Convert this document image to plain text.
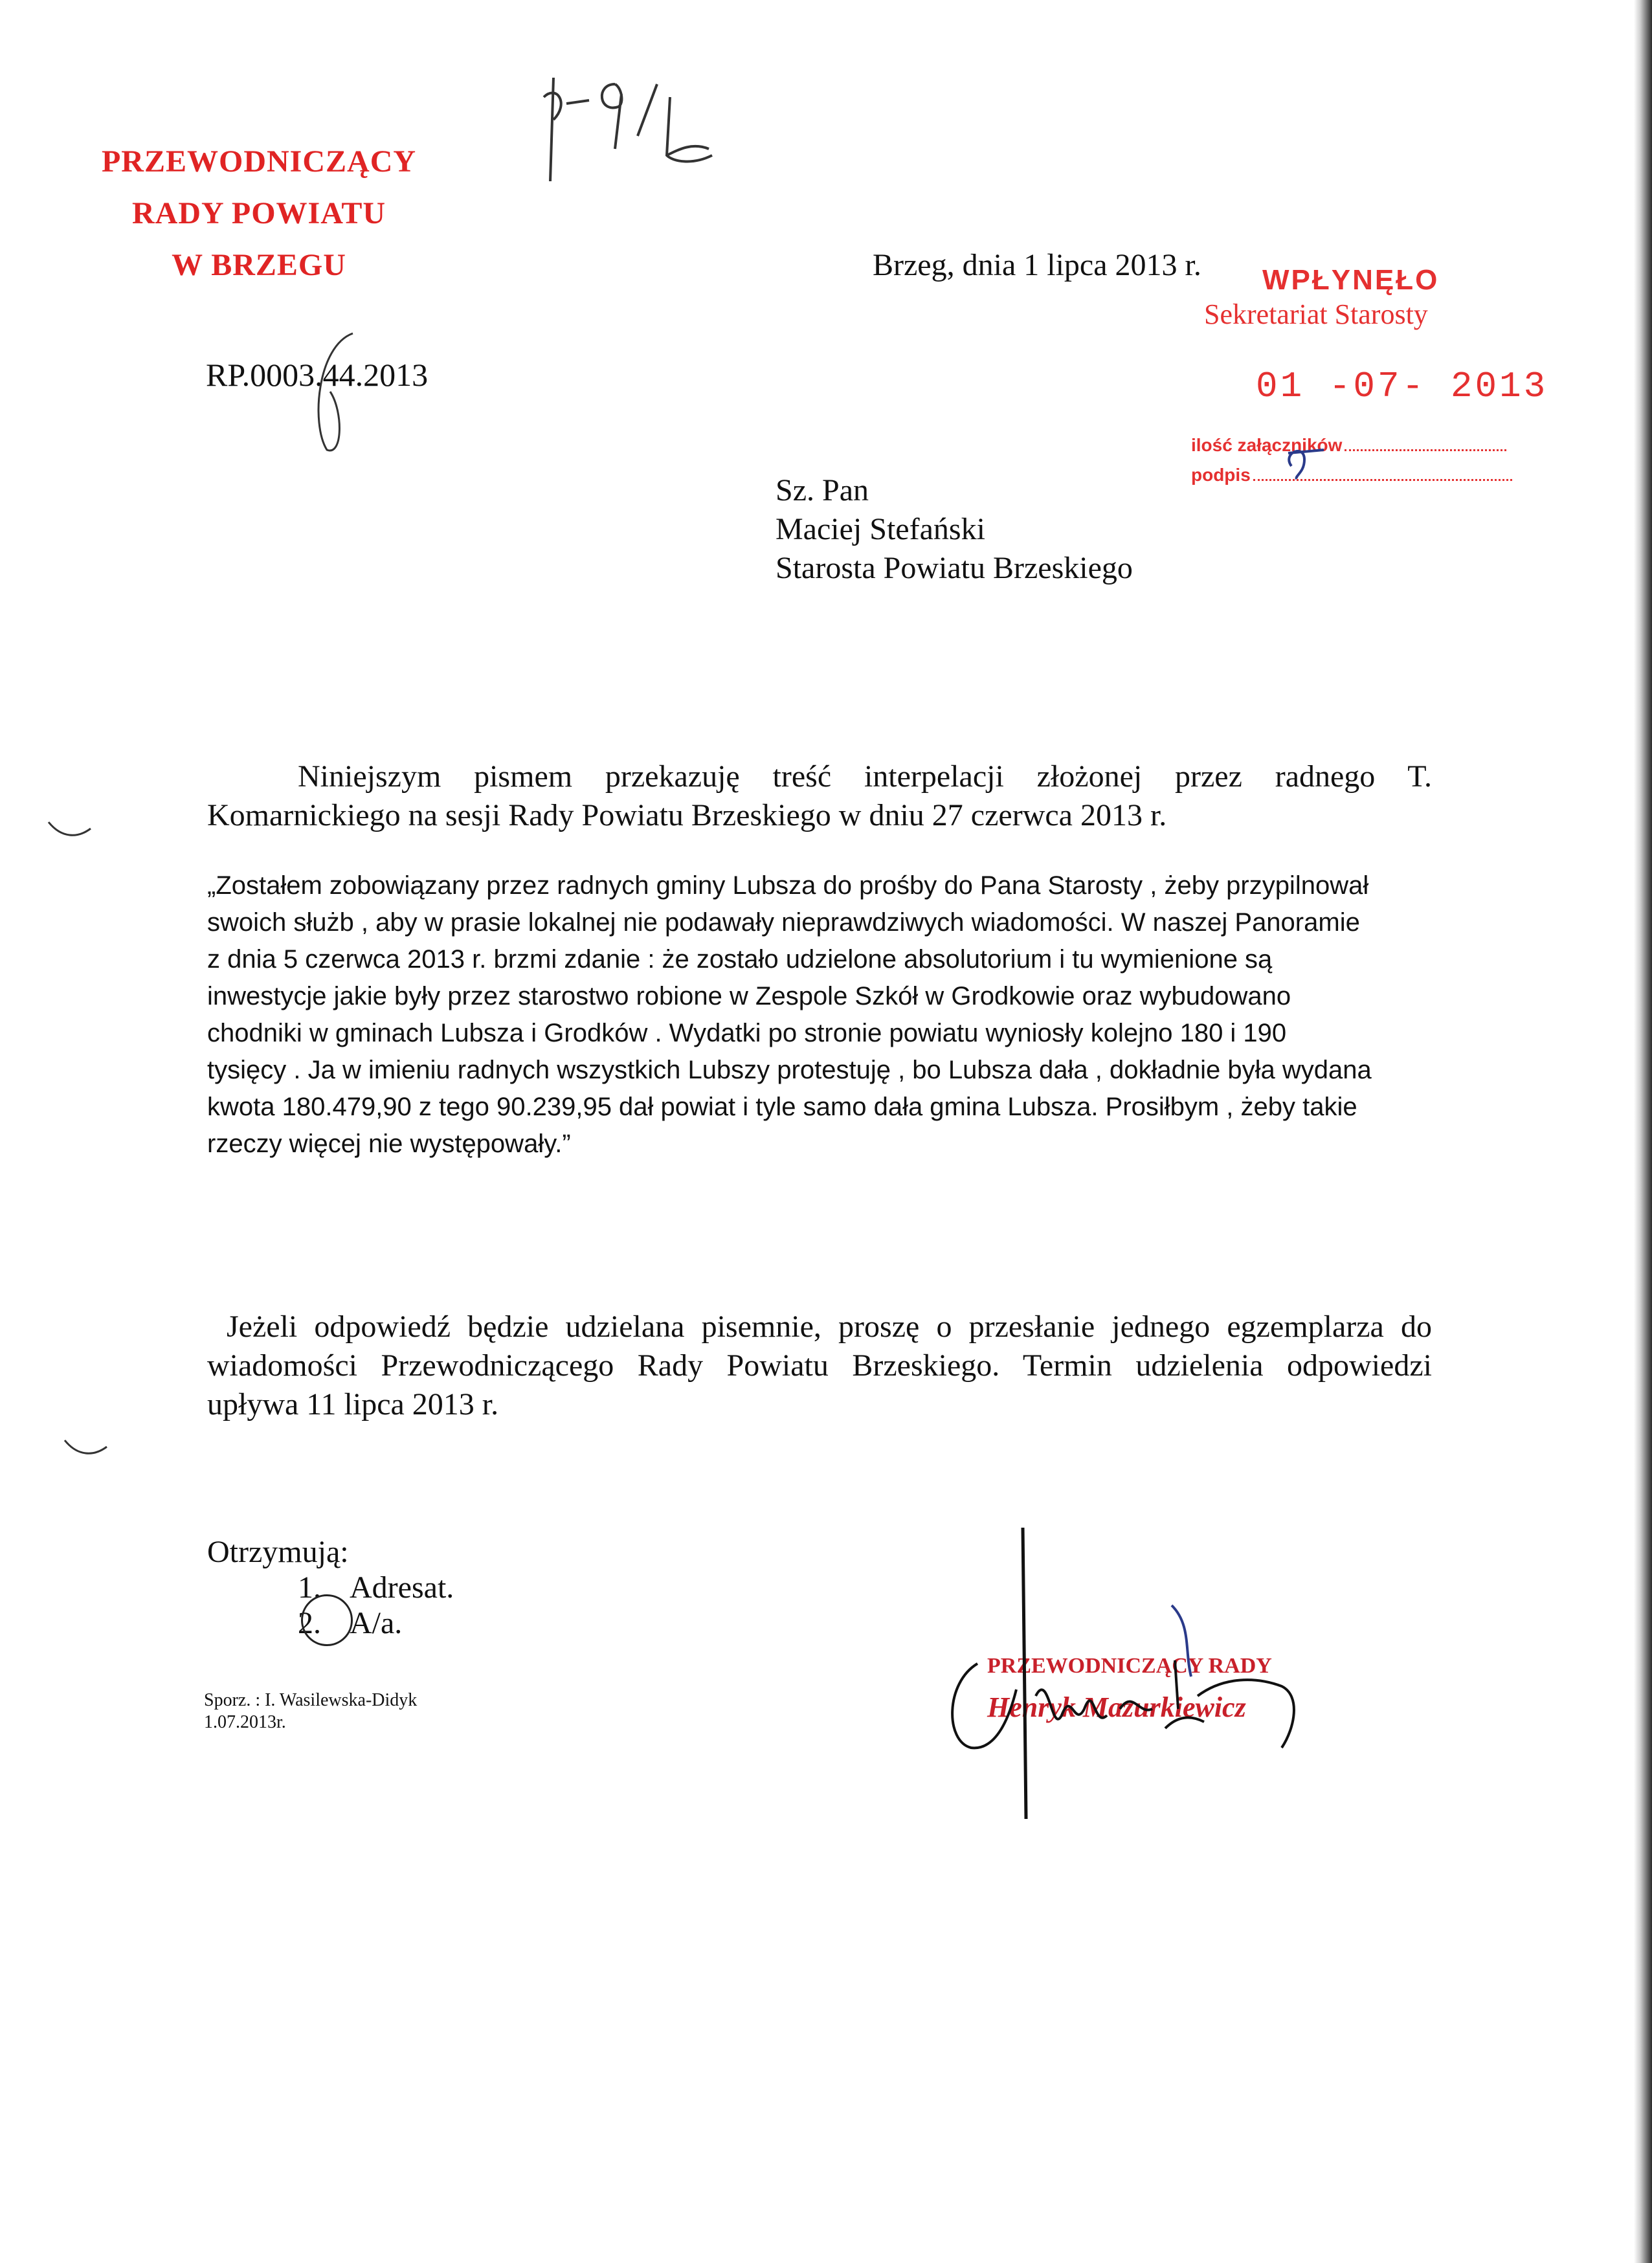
PRZEWODNICZĄCY
RADY POWIATU
W BRZEGU	Brzeg, dnia 1 lipca 2013 r. WPŁYNĘŁO
Sekretariat Starosty
01 -07- 2013
ilość załączników
podpis
RP.0003.44.2013
Sz. Pan
Maciej Stefański
Starosta Powiatu Brzeskiego
Niniejszym pismem przekazuję treść interpelacji złożonej przez radnego T.
Komarnickiego na sesji Rady Powiatu Brzeskiego w dniu 27 czerwca 2013 r.
„Zostałem zobowiązany przez radnych gminy Lubsza do prośby do Pana Starosty , żeby przypilnował
swoich służb , aby w prasie lokalnej nie podawały nieprawdziwych wiadomości. W naszej Panoramie
z dnia 5 czerwca 2013 r. brzmi zdanie : że zostało udzielone absolutorium i tu wymienione są
inwestycje jakie były przez starostwo robione w Zespole Szkół w Grodkowie oraz wybudowano
chodniki w gminach Lubsza i Grodków . Wydatki po stronie powiatu wyniosły kolejno 180 i 190
tysięcy . Ja w imieniu radnych wszystkich Lubszy protestuję , bo Lubsza dała , dokładnie była wydana
kwota 180.479,90 z tego 90.239,95 dał powiat i tyle samo dała gmina Lubsza. Prosiłbym , żeby takie
rzeczy więcej nie występowały.”
Jeżeli odpowiedź będzie udzielana pisemnie, proszę o przesłanie jednego egzemplarza do
wiadomości Przewodniczącego Rady Powiatu Brzeskiego. Termin udzielenia odpowiedzi
upływa 11 lipca 2013 r.
Otrzymują:
1. Adresat.
2. A/a.
Sporz. : I. Wasilewska-Didyk
1.07.2013r.
PRZEWODNICZĄCY RADY
Henryk Mazurkiewicz
